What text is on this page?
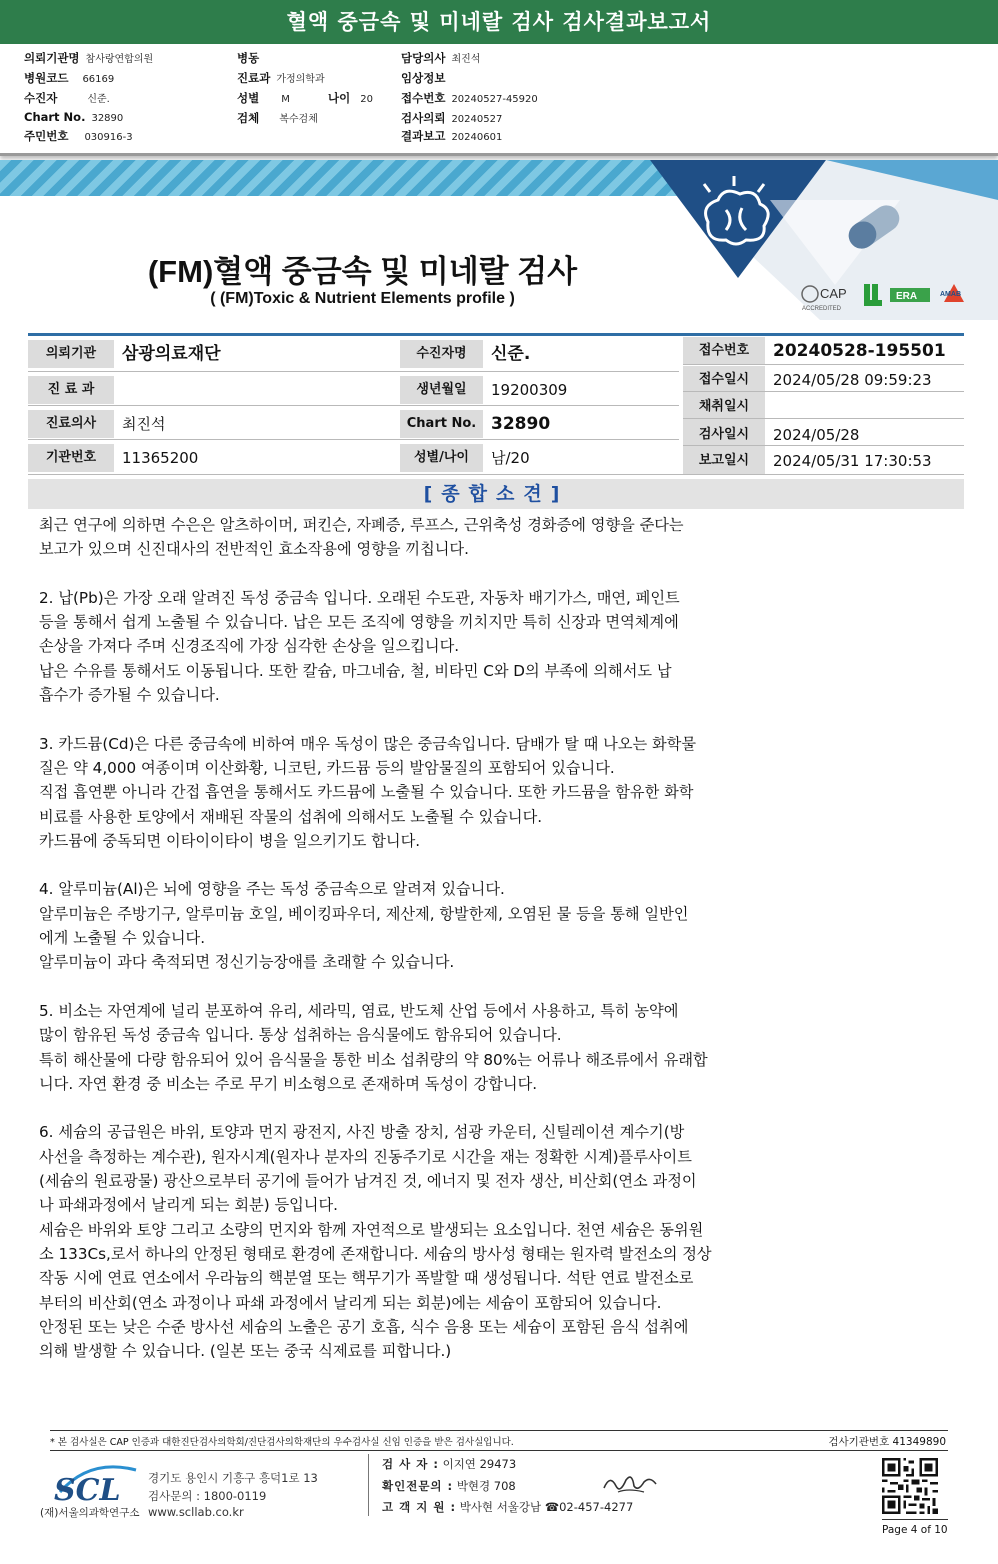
혈액 중금속 및 미네랄 검사 검사결과보고서
의뢰기관명 참사랑연합의원
병원코드 66169
수진자	신준.
Chart No. 32890
주민번호 030916-3
병동
진료과 가정의학과
성별 M	나이 20
검체 복수검체
담당의사 최진석
임상정보
접수번호 20240527-45920
검사의뢰 20240527
결과보고 20240601
CAP
ACCREDITED
ERA	AMAB
(FM)혈액 중금속 및 미네랄 검사
( (FM)Toxic & Nutrient Elements profile )
의뢰기관	삼광의료재단
진 료 과
진료의사	최진석
기관번호	11365200
수진자명	신준.
생년월일	19200309
Chart No. 32890
성별/나이	남/20
접수번호	20240528-195501
접수일시	2024/05/28 09:59:23
채취일시
검사일시	2024/05/28
보고일시	2024/05/31 17:30:53
[종합소견]

최근 연구에 의하면 수은은 알츠하이머, 퍼킨슨, 자폐증, 루프스, 근위축성 경화증에 영향을 준다는

보고가 있으며 신진대사의 전반적인 효소작용에 영향을 끼칩니다.

2. 납(Pb)은 가장 오래 알려진 독성 중금속 입니다. 오래된 수도관, 자동차 배기가스, 매연, 페인트

등을 통해서 쉽게 노출될 수 있습니다. 납은 모든 조직에 영향을 끼치지만 특히 신장과 면역체계에

손상을 가져다 주며 신경조직에 가장 심각한 손상을 일으킵니다.

납은 수유를 통해서도 이동됩니다. 또한 칼슘, 마그네슘, 철, 비타민 C와 D의 부족에 의해서도 납

흡수가 증가될 수 있습니다.

3. 카드뮴(Cd)은 다른 중금속에 비하여 매우 독성이 많은 중금속입니다. 담배가 탈 때 나오는 화학물

질은 약 4,000 여종이며 이산화황, 니코틴, 카드뮴 등의 발암물질의 포함되어 있습니다.

직접 흡연뿐 아니라 간접 흡연을 통해서도 카드뮴에 노출될 수 있습니다. 또한 카드뮴을 함유한 화학

비료를 사용한 토양에서 재배된 작물의 섭취에 의해서도 노출될 수 있습니다.

카드뮴에 중독되면 이타이이타이 병을 일으키기도 합니다.

4. 알루미늄(Al)은 뇌에 영향을 주는 독성 중금속으로 알려져 있습니다.

알루미늄은 주방기구, 알루미늄 호일, 베이킹파우더, 제산제, 항발한제, 오염된 물 등을 통해 일반인

에게 노출될 수 있습니다.

알루미늄이 과다 축적되면 정신기능장애를 초래할 수 있습니다.

5. 비소는 자연계에 널리 분포하여 유리, 세라믹, 염료, 반도체 산업 등에서 사용하고, 특히 농약에

많이 함유된 독성 중금속 입니다. 통상 섭취하는 음식물에도 함유되어 있습니다.

특히 해산물에 다량 함유되어 있어 음식물을 통한 비소 섭취량의 약 80%는 어류나 해조류에서 유래합

니다. 자연 환경 중 비소는 주로 무기 비소형으로 존재하며 독성이 강합니다.

6. 세슘의 공급원은 바위, 토양과 먼지 광전지, 사진 방출 장치, 섬광 카운터, 신틸레이션 계수기(방

사선을 측정하는 계수관), 원자시계(원자나 분자의 진동주기로 시간을 재는 정확한 시계)플루사이트

(세슘의 원료광물) 광산으로부터 공기에 들어가 남겨진 것, 에너지 및 전자 생산, 비산회(연소 과정이

나 파쇄과정에서 날리게 되는 회분) 등입니다.

세슘은 바위와 토양 그리고 소량의 먼지와 함께 자연적으로 발생되는 요소입니다. 천연 세슘은 동위원

소 133Cs,로서 하나의 안정된 형태로 환경에 존재합니다. 세슘의 방사성 형태는 원자력 발전소의 정상

작동 시에 연료 연소에서 우라늄의 핵분열 또는 핵무기가 폭발할 때 생성됩니다. 석탄 연료 발전소로

부터의 비산회(연소 과정이나 파쇄 과정에서 날리게 되는 회분)에는 세슘이 포함되어 있습니다.

안정된 또는 낮은 수준 방사선 세슘의 노출은 공기 호흡, 식수 음용 또는 세슘이 포함된 음식 섭취에

의해 발생할 수 있습니다. (일본 또는 중국 식제료를 피합니다.)

* 본 검사실은 CAP 인증과 대한진단검사의학회/진단검사의학재단의 우수검사실 신임 인증을 받은 검사실입니다.	검사기관번호 41349890
SCL
(재)서울의과학연구소
경기도 용인시 기흥구 흥덕1로 13
검사문의 : 1800-0119
www.scllab.co.kr
검 사 자 : 이지연 29473
확인전문의 : 박현경 708
고 객 지 원 : 박사현 서울강남 ☎02-457-4277
Page 4 of 10
